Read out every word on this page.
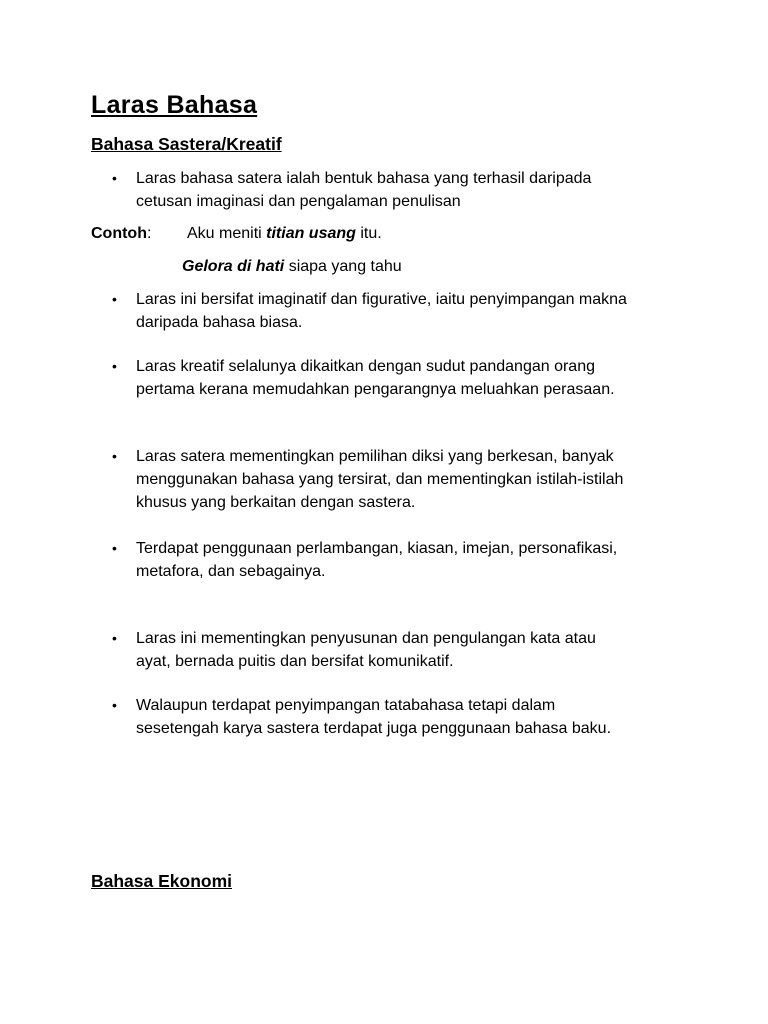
Laras Bahasa
Bahasa Sastera/Kreatif
•	Laras bahasa satera ialah bentuk bahasa yang terhasil daripada
cetusan imaginasi dan pengalaman penulisan
Contoh: Aku meniti titian usang itu.
Gelora di hati siapa yang tahu
•	Laras ini bersifat imaginatif dan figurative, iaitu penyimpangan makna
daripada bahasa biasa.
•	Laras kreatif selalunya dikaitkan dengan sudut pandangan orang
pertama kerana memudahkan pengarangnya meluahkan perasaan.
•	Laras satera mementingkan pemilihan diksi yang berkesan, banyak
menggunakan bahasa yang tersirat, dan mementingkan istilah-istilah
khusus yang berkaitan dengan sastera.
•	Terdapat penggunaan perlambangan, kiasan, imejan, personafikasi,
metafora, dan sebagainya.
•	Laras ini mementingkan penyusunan dan pengulangan kata atau
ayat, bernada puitis dan bersifat komunikatif.
•	Walaupun terdapat penyimpangan tatabahasa tetapi dalam
sesetengah karya sastera terdapat juga penggunaan bahasa baku.
Bahasa Ekonomi
